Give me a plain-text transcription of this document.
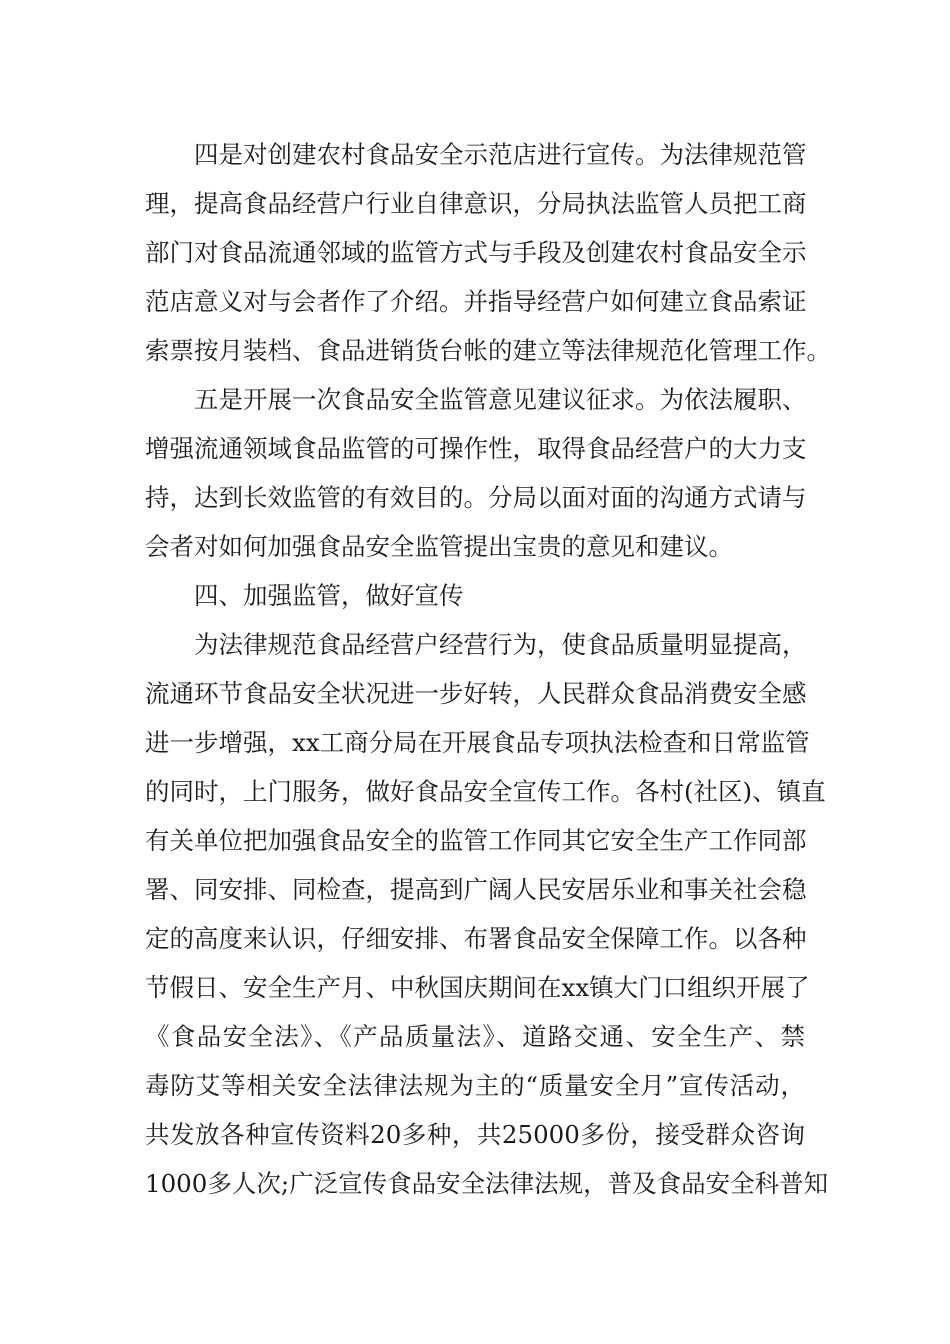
四是对创建农村食品安全示范店进行宣传。为法律规范管
理，提高食品经营户行业自律意识，分局执法监管人员把工商
部门对食品流通邻域的监管方式与手段及创建农村食品安全示
范店意义对与会者作了介绍。并指导经营户如何建立食品索证
索票按月装档、食品进销货台帐的建立等法律规范化管理工作。
五是开展一次食品安全监管意见建议征求。为依法履职、
增强流通领域食品监管的可操作性，取得食品经营户的大力支
持，达到长效监管的有效目的。分局以面对面的沟通方式请与
会者对如何加强食品安全监管提出宝贵的意见和建议。
四、加强监管，做好宣传
为法律规范食品经营户经营行为，使食品质量明显提高，
流通环节食品安全状况进一步好转，人民群众食品消费安全感
进一步增强，xx工商分局在开展食品专项执法检查和日常监管
的同时，上门服务，做好食品安全宣传工作。各村(社区)、镇直
有关单位把加强食品安全的监管工作同其它安全生产工作同部
署、同安排、同检查，提高到广阔人民安居乐业和事关社会稳
定的高度来认识，仔细安排、布署食品安全保障工作。以各种
节假日、安全生产月、中秋国庆期间在xx镇大门口组织开展了
《食品安全法》、《产品质量法》、道路交通、安全生产、禁
毒防艾等相关安全法律法规为主的“质量安全月”宣传活动，
共发放各种宣传资料20多种，共25000多份，接受群众咨询
1000多人次;广泛宣传食品安全法律法规，普及食品安全科普知
